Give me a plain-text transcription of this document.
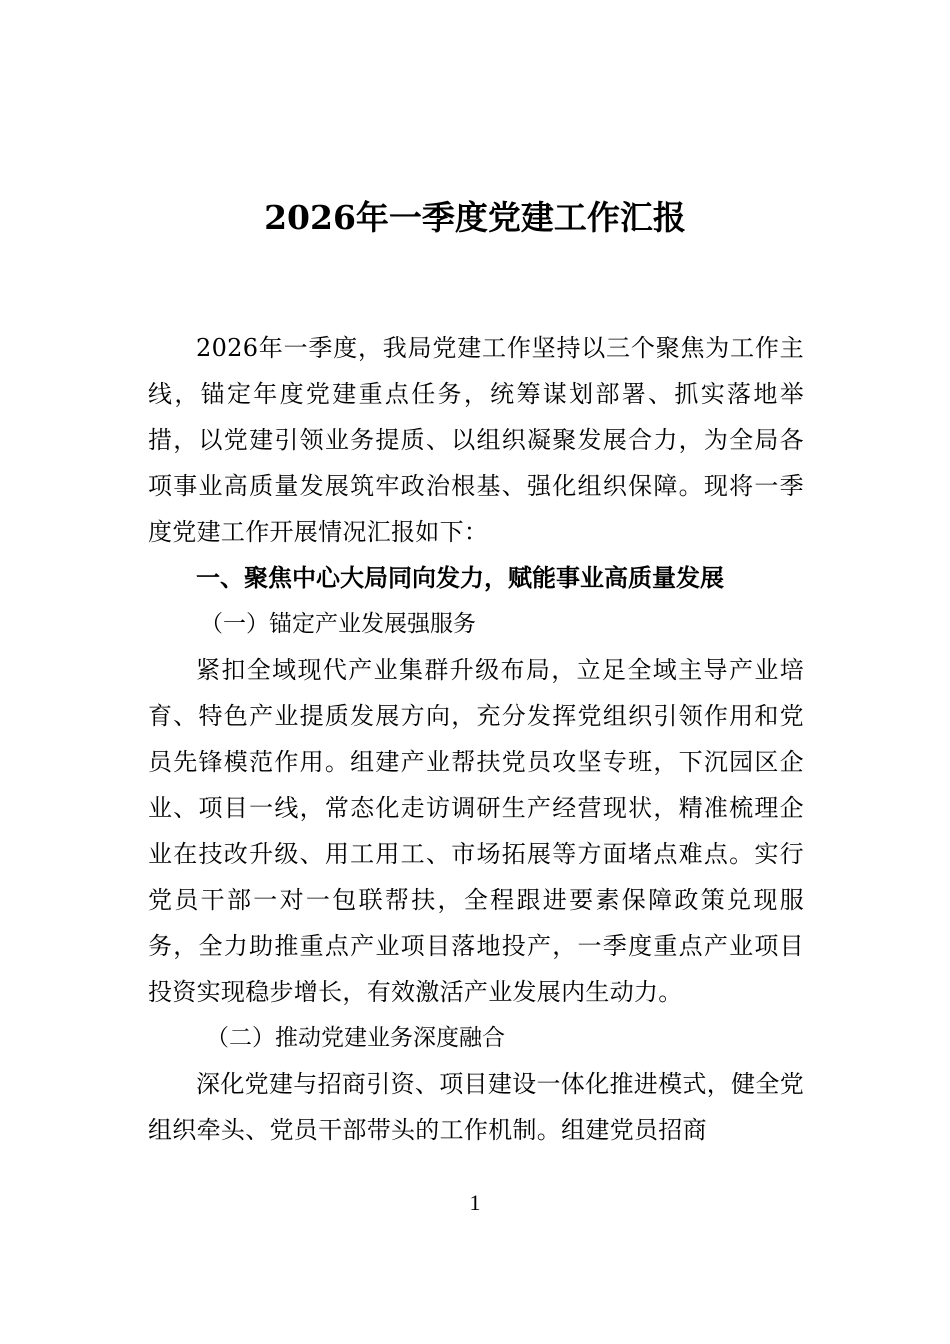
2026年一季度党建工作汇报

2026年一季度，我局党建工作坚持以三个聚焦为工作主线，锚定年度党建重点任务，统筹谋划部署、抓实落地举措，以党建引领业务提质、以组织凝聚发展合力，为全局各项事业高质量发展筑牢政治根基、强化组织保障。现将一季度党建工作开展情况汇报如下：

一、聚焦中心大局同向发力，赋能事业高质量发展

（一）锚定产业发展强服务

紧扣全域现代产业集群升级布局，立足全域主导产业培育、特色产业提质发展方向，充分发挥党组织引领作用和党员先锋模范作用。组建产业帮扶党员攻坚专班，下沉园区企业、项目一线，常态化走访调研生产经营现状，精准梳理企业在技改升级、用工用工、市场拓展等方面堵点难点。实行党员干部一对一包联帮扶，全程跟进要素保障政策兑现服务，全力助推重点产业项目落地投产，一季度重点产业项目投资实现稳步增长，有效激活产业发展内生动力。

（二）推动党建业务深度融合

深化党建与招商引资、项目建设一体化推进模式，健全党组织牵头、党员干部带头的工作机制。组建党员招商

1
